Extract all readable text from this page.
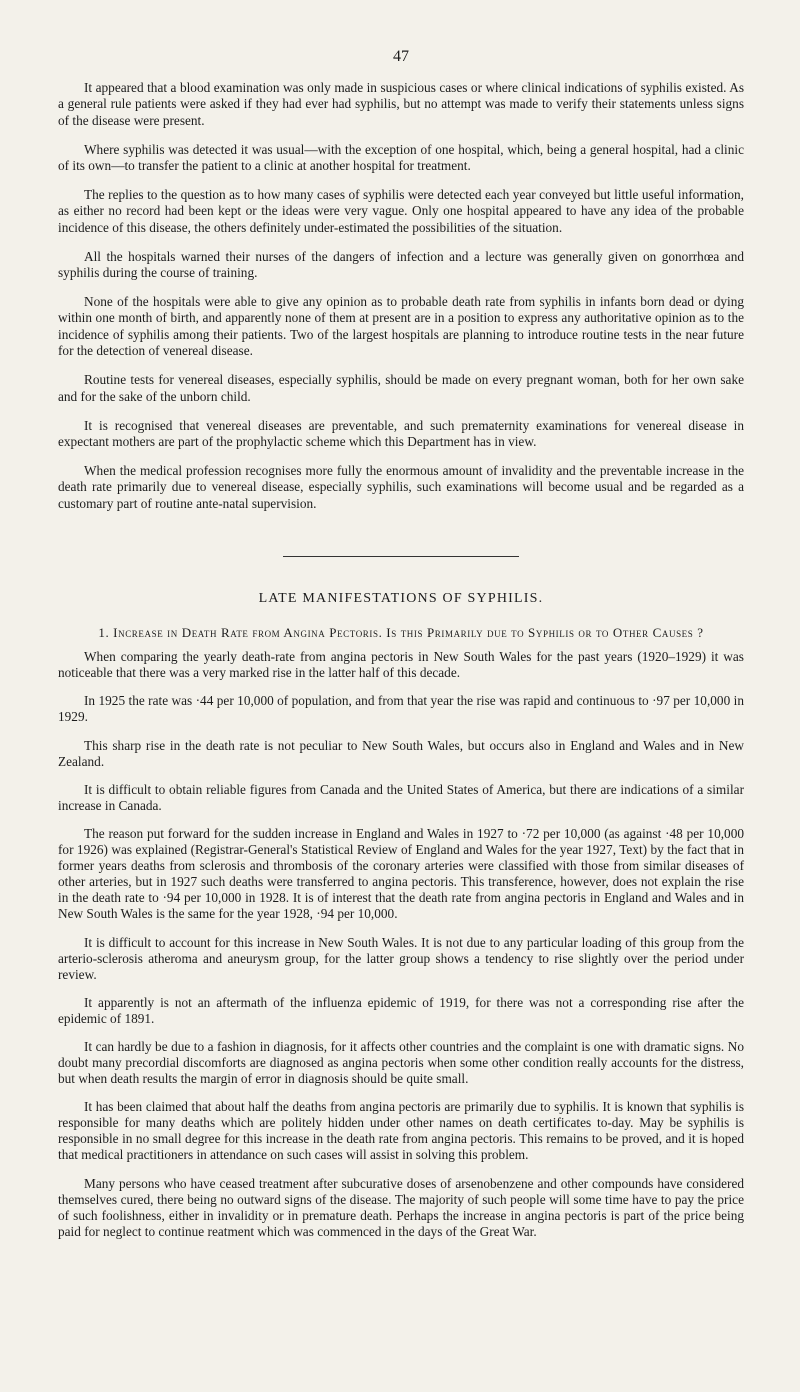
47

It appeared that a blood examination was only made in suspicious cases or where clinical indications of syphilis existed. As a general rule patients were asked if they had ever had syphilis, but no attempt was made to verify their statements unless signs of the disease were present.

Where syphilis was detected it was usual—with the exception of one hospital, which, being a general hospital, had a clinic of its own—to transfer the patient to a clinic at another hospital for treatment.

The replies to the question as to how many cases of syphilis were detected each year conveyed but little useful information, as either no record had been kept or the ideas were very vague. Only one hospital appeared to have any idea of the probable incidence of this disease, the others definitely under-estimated the possibilities of the situation.

All the hospitals warned their nurses of the dangers of infection and a lecture was generally given on gonorrhœa and syphilis during the course of training.

None of the hospitals were able to give any opinion as to probable death rate from syphilis in infants born dead or dying within one month of birth, and apparently none of them at present are in a position to express any authoritative opinion as to the incidence of syphilis among their patients. Two of the largest hospitals are planning to introduce routine tests in the near future for the detection of venereal disease.

Routine tests for venereal diseases, especially syphilis, should be made on every pregnant woman, both for her own sake and for the sake of the unborn child.

It is recognised that venereal diseases are preventable, and such prematernity examinations for venereal disease in expectant mothers are part of the prophylactic scheme which this Department has in view.

When the medical profession recognises more fully the enormous amount of invalidity and the preventable increase in the death rate primarily due to venereal disease, especially syphilis, such examinations will become usual and be regarded as a customary part of routine ante-natal supervision.

LATE MANIFESTATIONS OF SYPHILIS.
1. Increase in Death Rate from Angina Pectoris. Is this Primarily due to Syphilis or to Other Causes ?

When comparing the yearly death-rate from angina pectoris in New South Wales for the past years (1920–1929) it was noticeable that there was a very marked rise in the latter half of this decade.

In 1925 the rate was ·44 per 10,000 of population, and from that year the rise was rapid and continuous to ·97 per 10,000 in 1929.

This sharp rise in the death rate is not peculiar to New South Wales, but occurs also in England and Wales and in New Zealand.

It is difficult to obtain reliable figures from Canada and the United States of America, but there are indications of a similar increase in Canada.

The reason put forward for the sudden increase in England and Wales in 1927 to ·72 per 10,000 (as against ·48 per 10,000 for 1926) was explained (Registrar-General's Statistical Review of England and Wales for the year 1927, Text) by the fact that in former years deaths from sclerosis and thrombosis of the coronary arteries were classified with those from similar diseases of other arteries, but in 1927 such deaths were transferred to angina pectoris. This transference, however, does not explain the rise in the death rate to ·94 per 10,000 in 1928. It is of interest that the death rate from angina pectoris in England and Wales and in New South Wales is the same for the year 1928, ·94 per 10,000.

It is difficult to account for this increase in New South Wales. It is not due to any particular loading of this group from the arterio-sclerosis atheroma and aneurysm group, for the latter group shows a tendency to rise slightly over the period under review.

It apparently is not an aftermath of the influenza epidemic of 1919, for there was not a corresponding rise after the epidemic of 1891.

It can hardly be due to a fashion in diagnosis, for it affects other countries and the complaint is one with dramatic signs. No doubt many precordial discomforts are diagnosed as angina pectoris when some other condition really accounts for the distress, but when death results the margin of error in diagnosis should be quite small.

It has been claimed that about half the deaths from angina pectoris are primarily due to syphilis. It is known that syphilis is responsible for many deaths which are politely hidden under other names on death certificates to-day. May be syphilis is responsible in no small degree for this increase in the death rate from angina pectoris. This remains to be proved, and it is hoped that medical practitioners in attendance on such cases will assist in solving this problem.

Many persons who have ceased treatment after subcurative doses of arsenobenzene and other compounds have considered themselves cured, there being no outward signs of the disease. The majority of such people will some time have to pay the price of such foolishness, either in invalidity or in premature death. Perhaps the increase in angina pectoris is part of the price being paid for neglect to continue reatment which was commenced in the days of the Great War.
